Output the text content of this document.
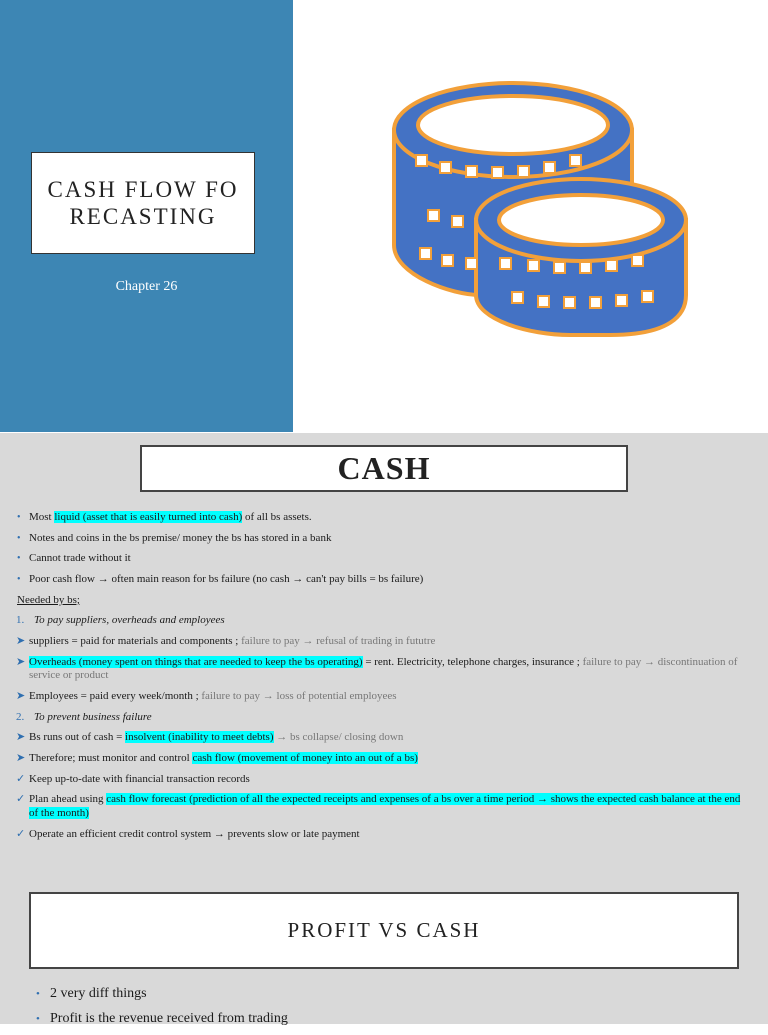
CASH FLOW FORECASTING
Chapter 26
CASH
• Most liquid (asset that is easily turned into cash) of all bs assets.
• Notes and coins in the bs premise/ money the bs has stored in a bank
• Cannot trade without it
• Poor cash flow → often main reason for bs failure (no cash → can't pay bills = bs failure)
Needed by bs;
1. To pay suppliers, overheads and employees
➤ suppliers = paid for materials and components ; failure to pay → refusal of trading in fututre
➤ Overheads (money spent on things that are needed to keep the bs operating) = rent. Electricity, telephone charges, insurance ; failure to pay → discontinuation of service or product
➤ Employees = paid every week/month ; failure to pay → loss of potential employees
2. To prevent business failure
➤ Bs runs out of cash = insolvent (inability to meet debts) → bs collapse/ closing down
➤ Therefore; must monitor and control cash flow (movement of money into an out of a bs)
✓ Keep up-to-date with financial transaction records
✓ Plan ahead using cash flow forecast (prediction of all the expected receipts and expenses of a bs over a time period → shows the expected cash balance at the end of the month)
✓ Operate an efficient credit control system → prevents slow or late payment
PROFIT VS CASH
• 2 very diff things
• Profit is the revenue received from trading
